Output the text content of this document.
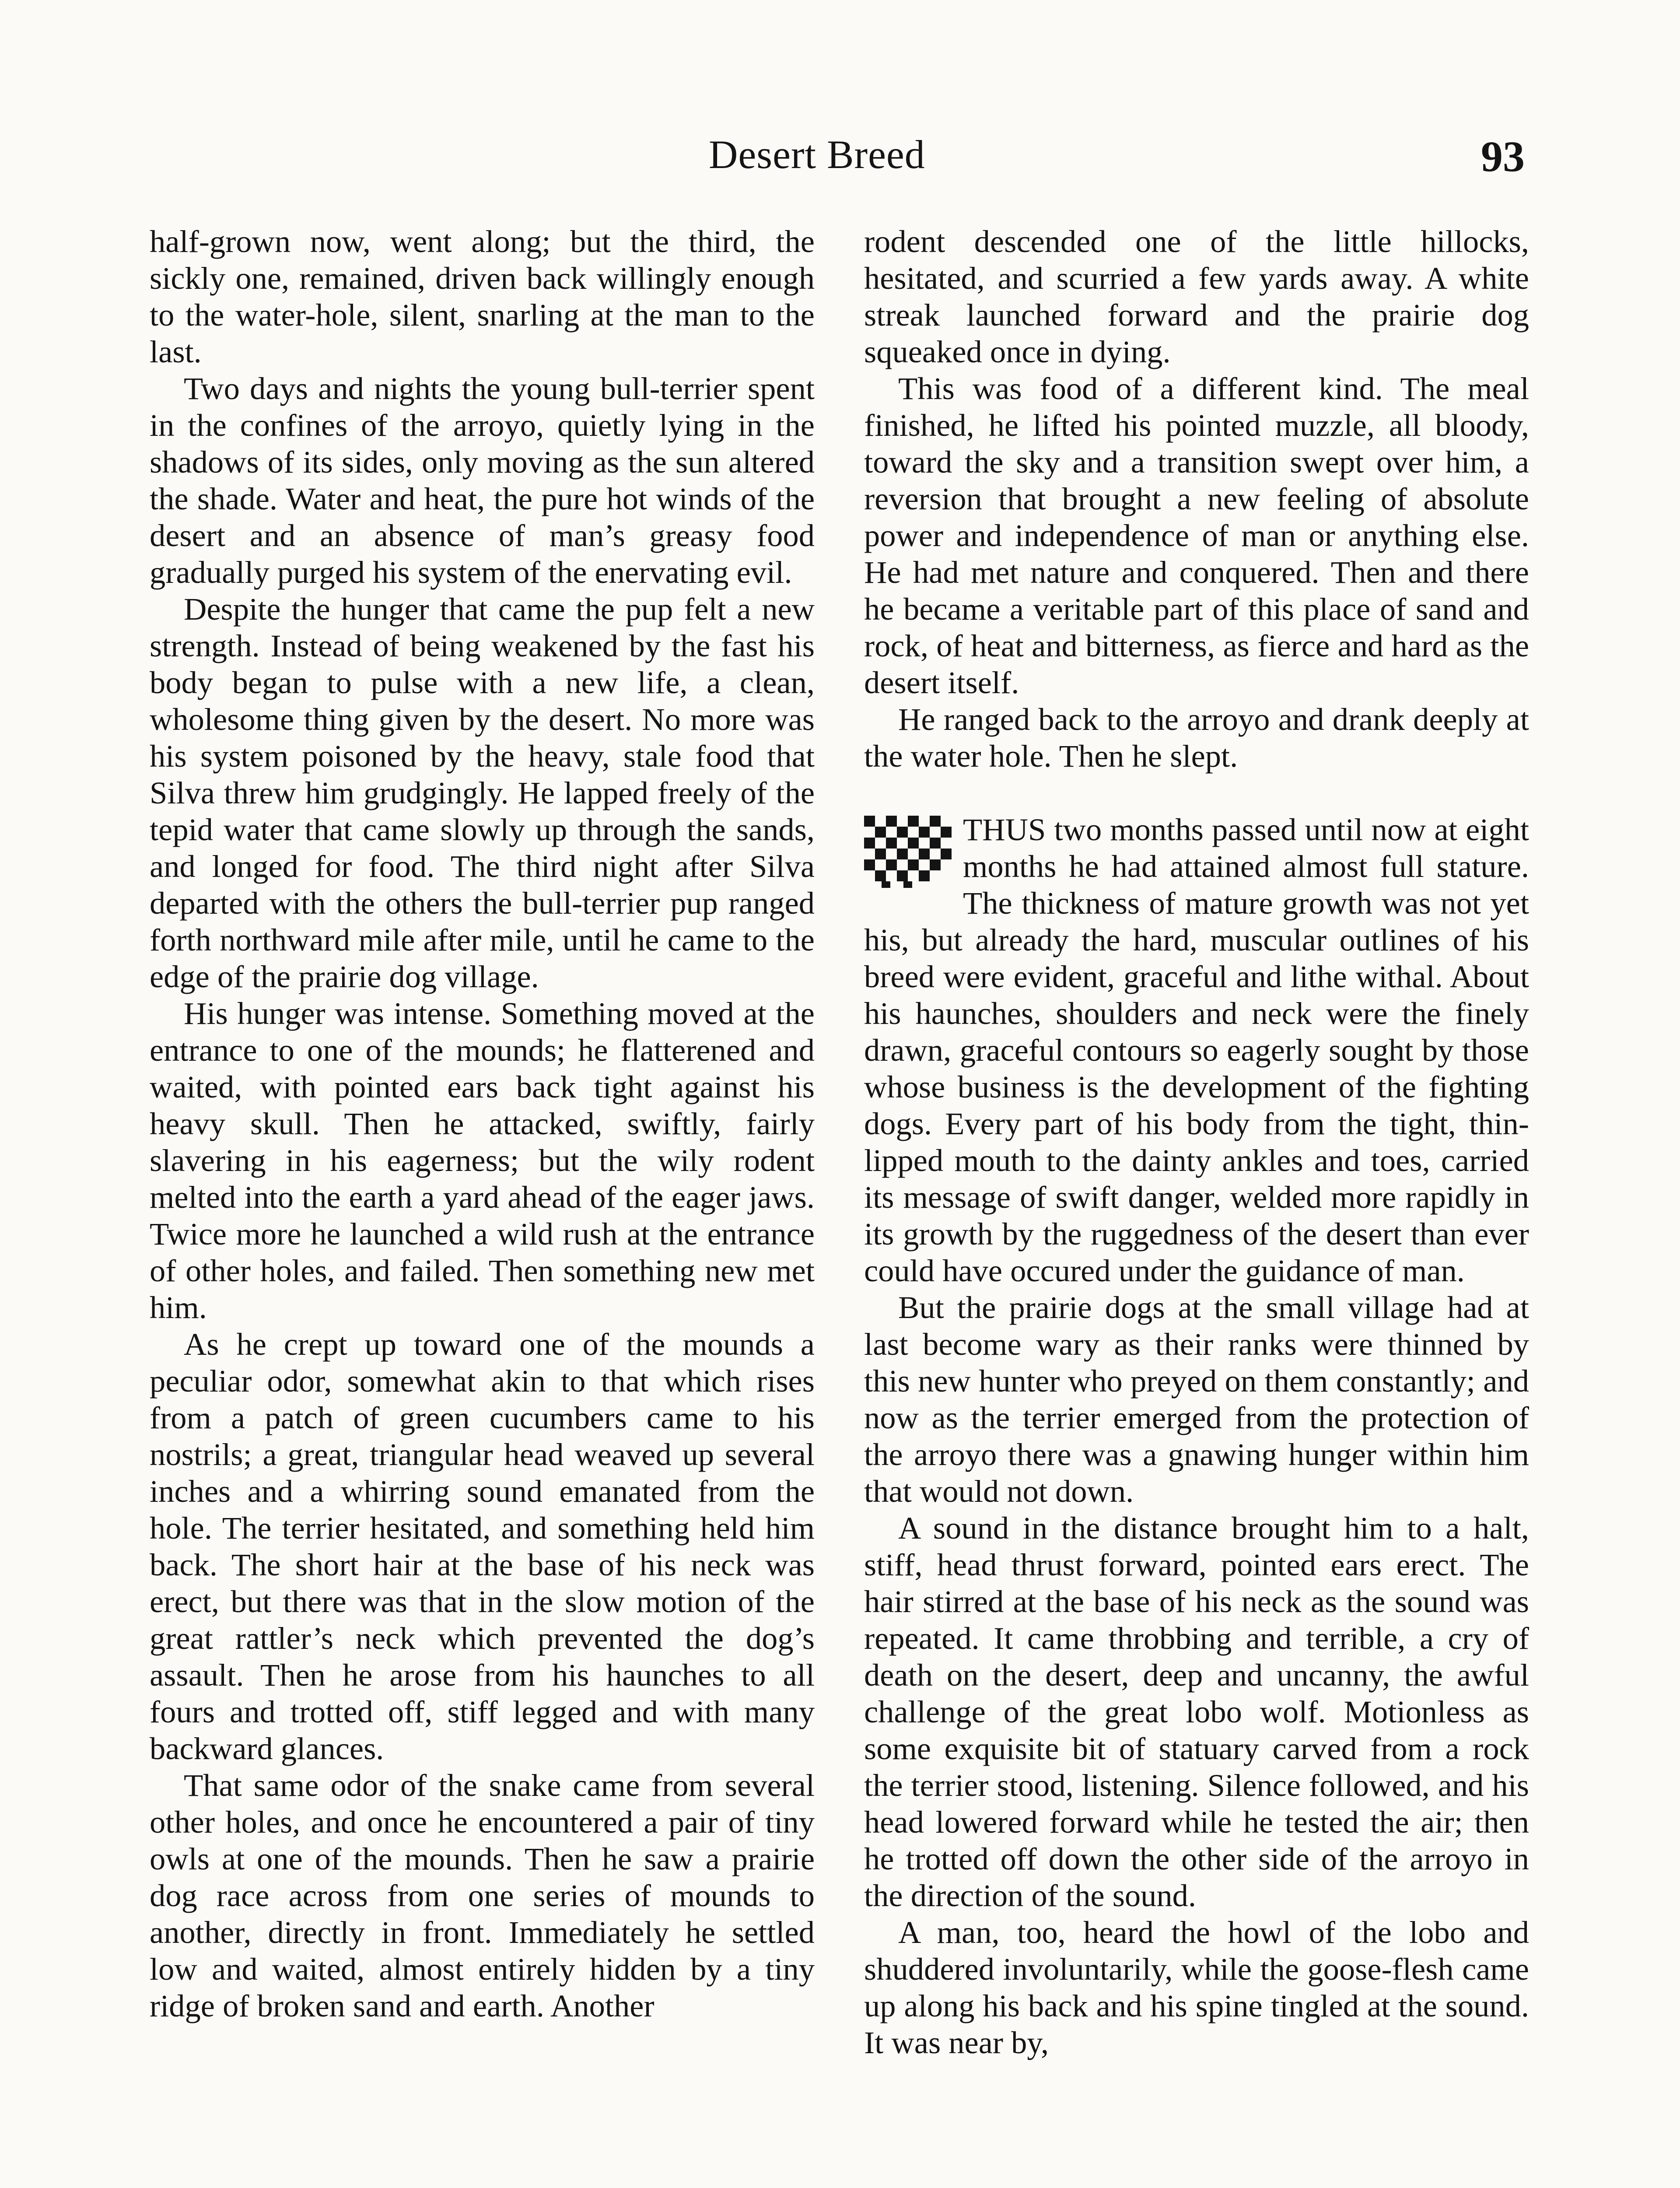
Desert Breed	93

half-grown now, went along; but the third, the sickly one, remained, driven back willingly enough to the water-hole, silent, snarling at the man to the last.

Two days and nights the young bull-terrier spent in the confines of the arroyo, quietly lying in the shadows of its sides, only moving as the sun altered the shade. Water and heat, the pure hot winds of the desert and an absence of man’s greasy food gradually purged his system of the enervating evil.

Despite the hunger that came the pup felt a new strength. Instead of being weakened by the fast his body began to pulse with a new life, a clean, wholesome thing given by the desert. No more was his system poisoned by the heavy, stale food that Silva threw him grudgingly. He lapped freely of the tepid water that came slowly up through the sands, and longed for food. The third night after Silva departed with the others the bull-terrier pup ranged forth northward mile after mile, until he came to the edge of the prairie dog village.

His hunger was intense. Something moved at the entrance to one of the mounds; he flatterened and waited, with pointed ears back tight against his heavy skull. Then he attacked, swiftly, fairly slavering in his eagerness; but the wily rodent melted into the earth a yard ahead of the eager jaws. Twice more he launched a wild rush at the entrance of other holes, and failed. Then something new met him.

As he crept up toward one of the mounds a peculiar odor, somewhat akin to that which rises from a patch of green cucumbers came to his nostrils; a great, triangular head weaved up several inches and a whirring sound emanated from the hole. The terrier hesitated, and something held him back. The short hair at the base of his neck was erect, but there was that in the slow motion of the great rattler’s neck which prevented the dog’s assault. Then he arose from his haunches to all fours and trotted off, stiff legged and with many backward glances.

That same odor of the snake came from several other holes, and once he encountered a pair of tiny owls at one of the mounds. Then he saw a prairie dog race across from one series of mounds to another, directly in front. Immediately he settled low and waited, almost entirely hidden by a tiny ridge of broken sand and earth. Another

rodent descended one of the little hillocks, hesitated, and scurried a few yards away. A white streak launched forward and the prairie dog squeaked once in dying.

This was food of a different kind. The meal finished, he lifted his pointed muzzle, all bloody, toward the sky and a transition swept over him, a reversion that brought a new feeling of absolute power and independence of man or anything else. He had met nature and conquered. Then and there he became a veritable part of this place of sand and rock, of heat and bitterness, as fierce and hard as the desert itself.

He ranged back to the arroyo and drank deeply at the water hole. Then he slept.

THUS two months passed until now at eight months he had attained almost full stature. The thickness of mature growth was not yet his, but already the hard, muscular outlines of his breed were evident, graceful and lithe withal. About his haunches, shoulders and neck were the finely drawn, graceful contours so eagerly sought by those whose business is the development of the fighting dogs. Every part of his body from the tight, thin-lipped mouth to the dainty ankles and toes, carried its message of swift danger, welded more rapidly in its growth by the ruggedness of the desert than ever could have occured under the guidance of man.

But the prairie dogs at the small village had at last become wary as their ranks were thinned by this new hunter who preyed on them constantly; and now as the terrier emerged from the protection of the arroyo there was a gnawing hunger within him that would not down.

A sound in the distance brought him to a halt, stiff, head thrust forward, pointed ears erect. The hair stirred at the base of his neck as the sound was repeated. It came throbbing and terrible, a cry of death on the desert, deep and uncanny, the awful challenge of the great lobo wolf. Motionless as some exquisite bit of statuary carved from a rock the terrier stood, listening. Silence followed, and his head lowered forward while he tested the air; then he trotted off down the other side of the arroyo in the direction of the sound.

A man, too, heard the howl of the lobo and shuddered involuntarily, while the goose-flesh came up along his back and his spine tingled at the sound. It was near by,
